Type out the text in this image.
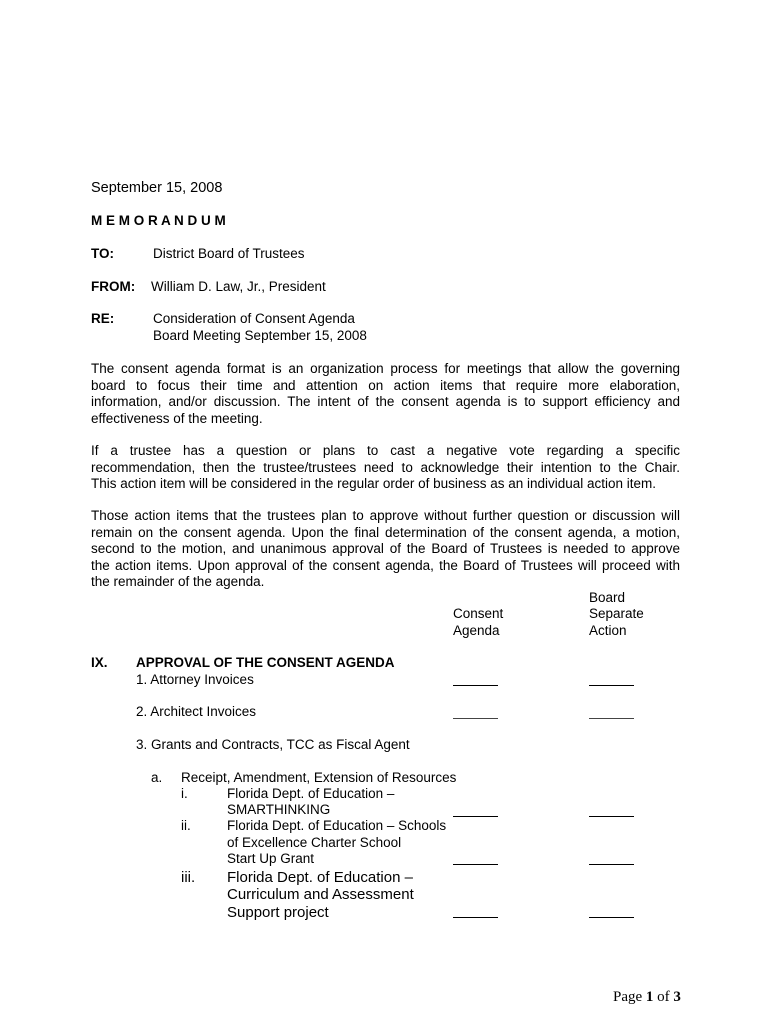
September 15, 2008
M E M O R A N D U M
TO:	District Board of Trustees
FROM: William D. Law, Jr., President
RE:	Consideration of Consent Agenda
Board Meeting September 15, 2008
The consent agenda format is an organization process for meetings that allow the governing
board to focus their time and attention on action items that require more elaboration,
information, and/or discussion. The intent of the consent agenda is to support efficiency and
effectiveness of the meeting.
If a trustee has a question or plans to cast a negative vote regarding a specific
recommendation, then the trustee/trustees need to acknowledge their intention to the Chair.
This action item will be considered in the regular order of business as an individual action item.
Those action items that the trustees plan to approve without further question or discussion will
remain on the consent agenda. Upon the final determination of the consent agenda, a motion,
second to the motion, and unanimous approval of the Board of Trustees is needed to approve
the action items. Upon approval of the consent agenda, the Board of Trustees will proceed with
the remainder of the agenda.
Consent
Agenda
Board
Separate
Action
IX. APPROVAL OF THE CONSENT AGENDA
1. Attorney Invoices
2. Architect Invoices
3. Grants and Contracts, TCC as Fiscal Agent
a. Receipt, Amendment, Extension of Resources
i.	Florida Dept. of Education –
SMARTHINKING
ii.	Florida Dept. of Education – Schools
of Excellence Charter School
Start Up Grant
iii. Florida Dept. of Education –
Curriculum and Assessment
Support project
Page 1 of 3
